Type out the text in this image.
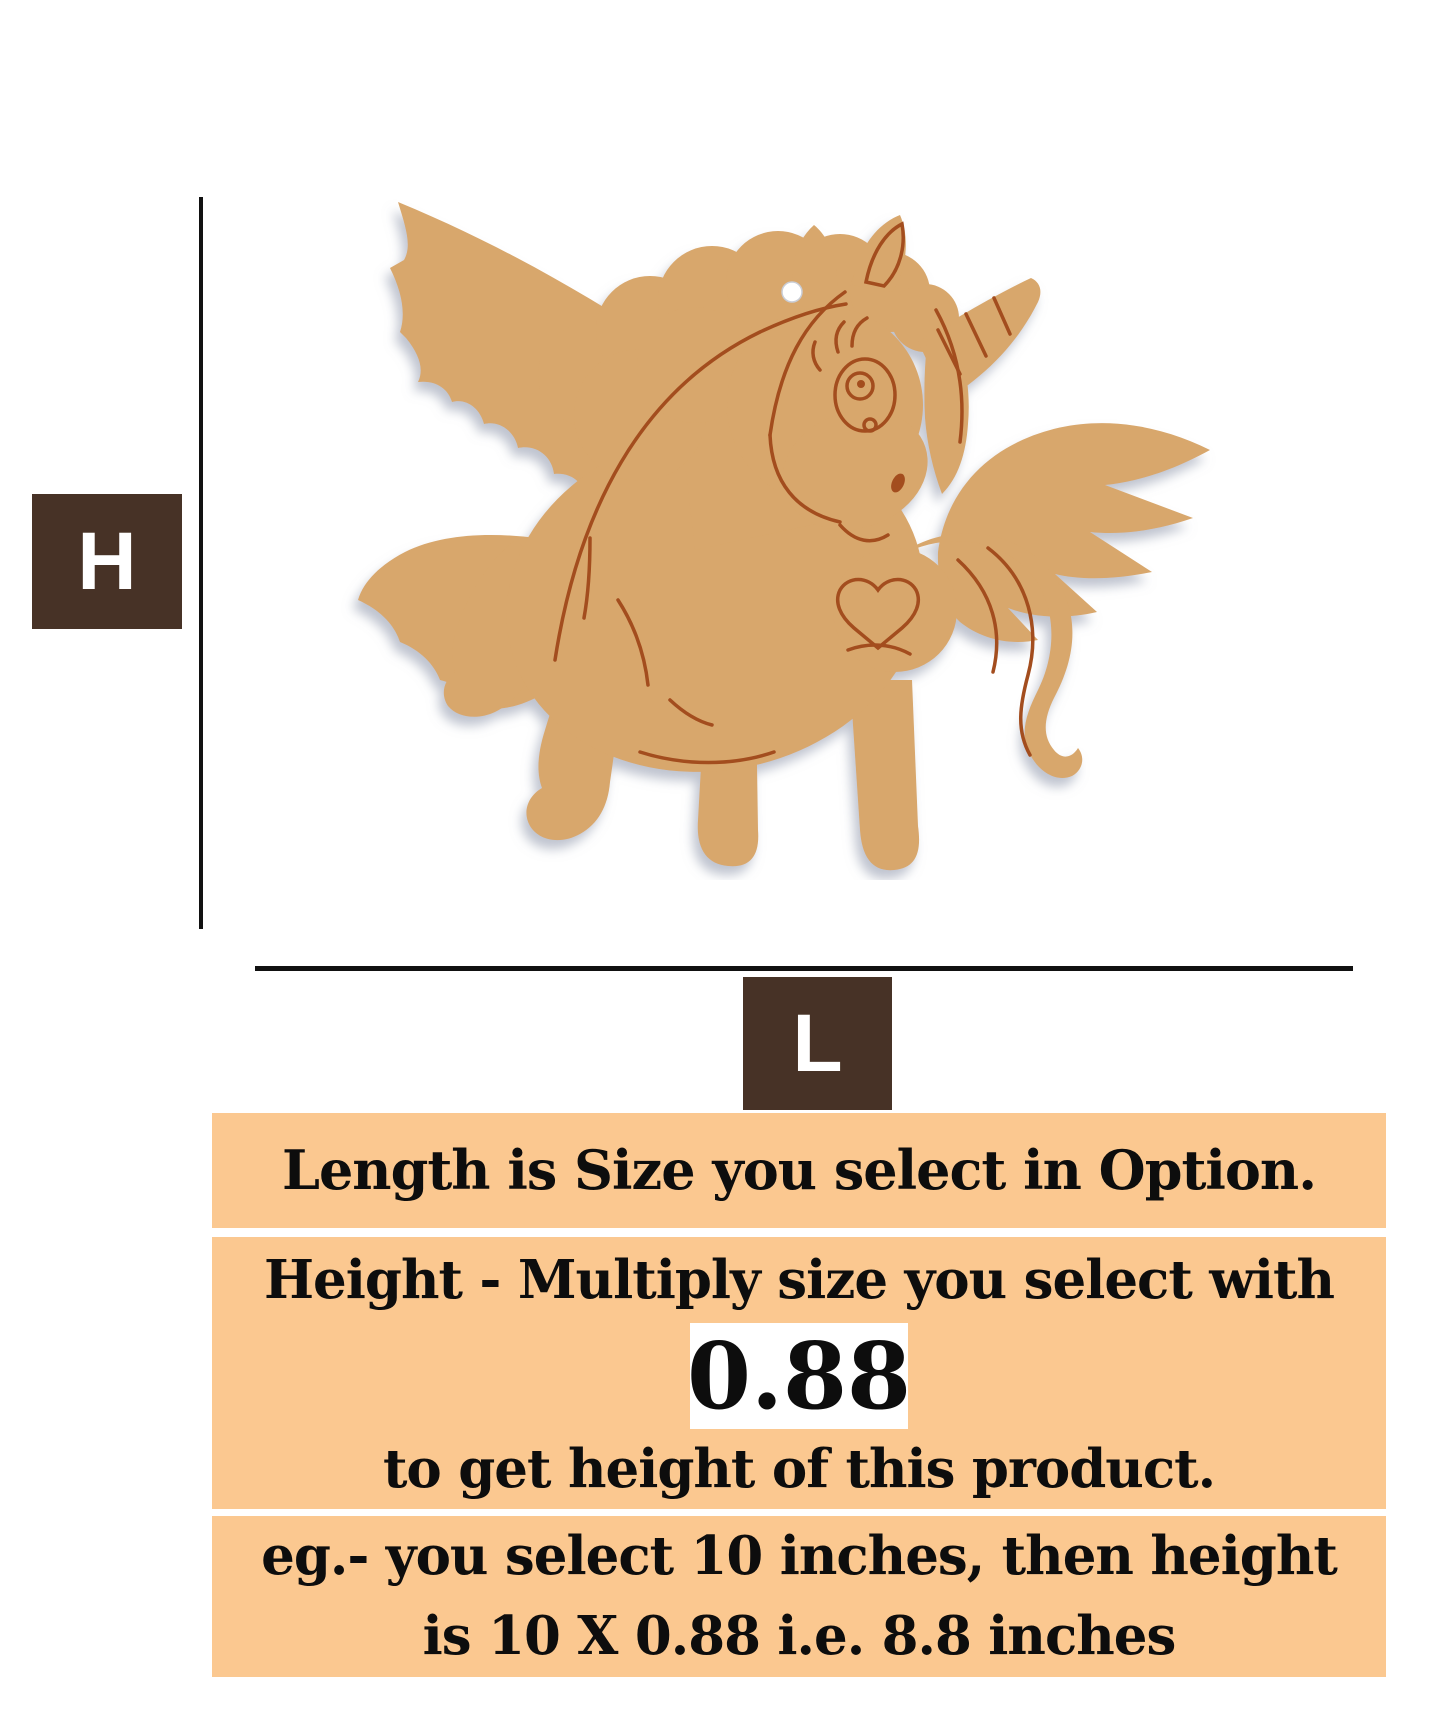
H
L
Length is Size you select in Option.
Height - Multiply size you select with
0.88
to get height of this product.
eg.- you select 10 inches, then height
is 10 X 0.88 i.e. 8.8 inches
